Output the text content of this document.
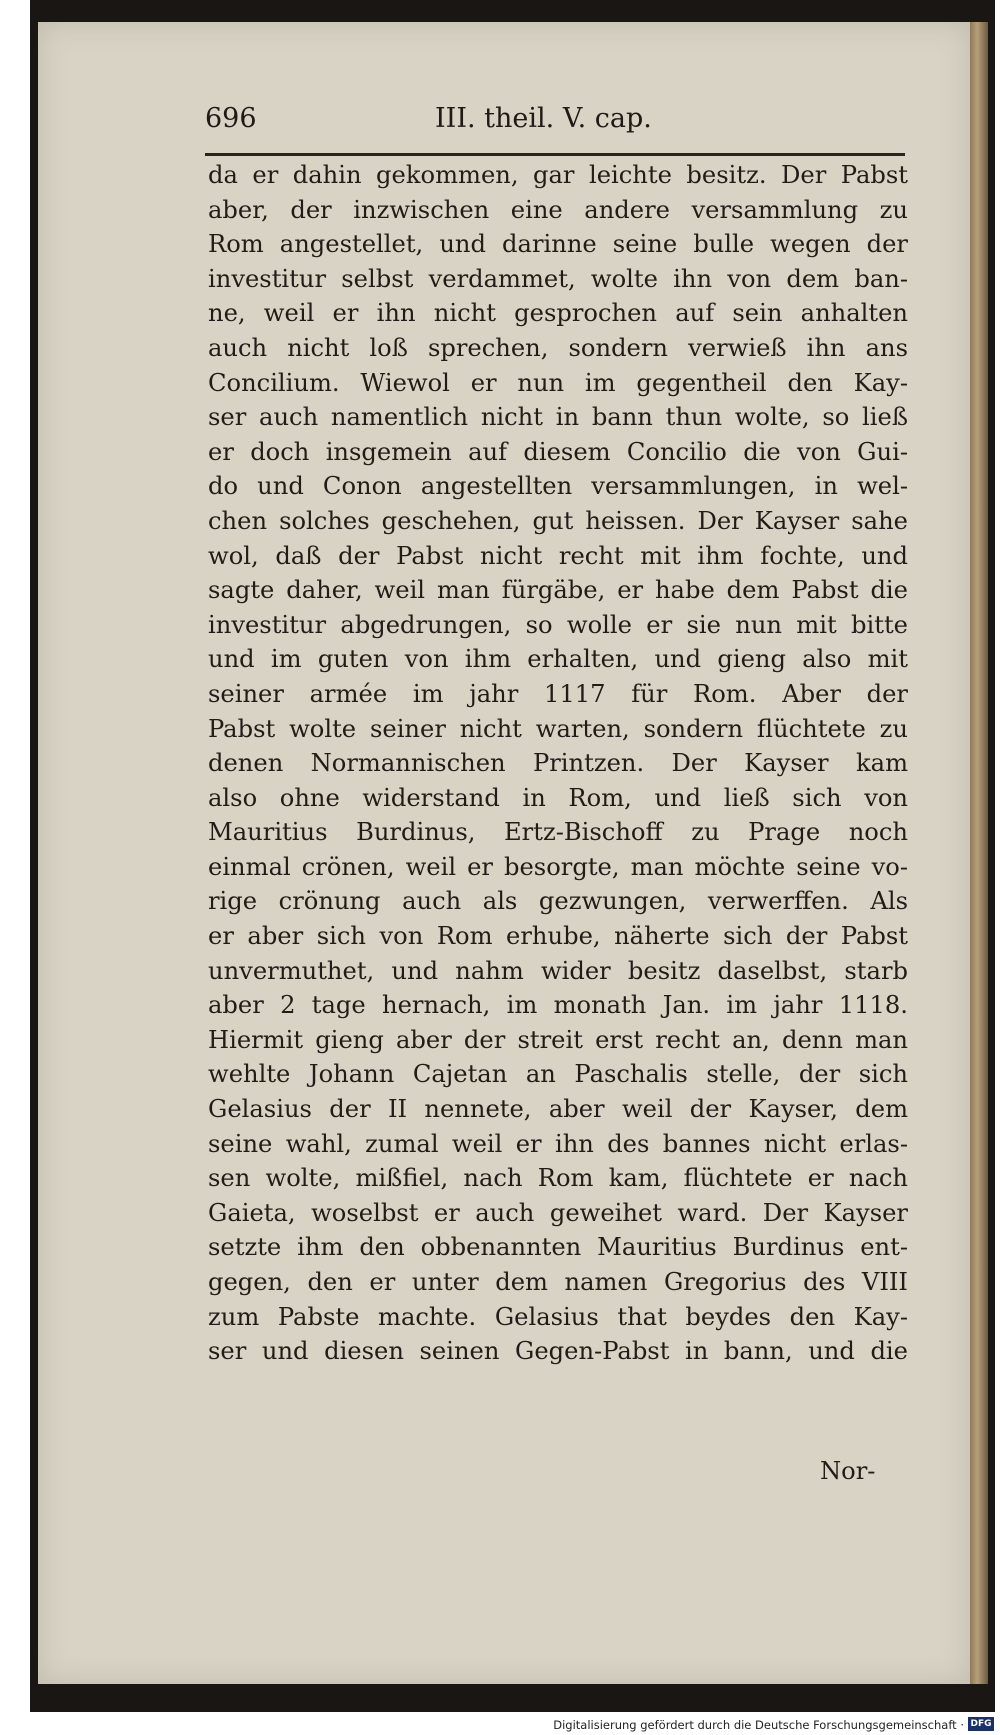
696	III. theil. V. cap.
da er dahin gekommen, gar leichte besitz. Der Pabst
aber, der inzwischen eine andere versammlung zu
Rom angestellet, und darinne seine bulle wegen der
investitur selbst verdammet, wolte ihn von dem ban-
ne, weil er ihn nicht gesprochen auf sein anhalten
auch nicht loß sprechen, sondern verwieß ihn ans
Concilium. Wiewol er nun im gegentheil den Kay-
ser auch namentlich nicht in bann thun wolte, so ließ
er doch insgemein auf diesem Concilio die von Gui-
do und Conon angestellten versammlungen, in wel-
chen solches geschehen, gut heissen. Der Kayser sahe
wol, daß der Pabst nicht recht mit ihm fochte, und
sagte daher, weil man fürgäbe, er habe dem Pabst die
investitur abgedrungen, so wolle er sie nun mit bitte
und im guten von ihm erhalten, und gieng also mit
seiner armée im jahr 1117 für Rom. Aber der
Pabst wolte seiner nicht warten, sondern flüchtete zu
denen Normannischen Printzen. Der Kayser kam
also ohne widerstand in Rom, und ließ sich von
Mauritius Burdinus, Ertz-Bischoff zu Prage noch
einmal crönen, weil er besorgte, man möchte seine vo-
rige crönung auch als gezwungen, verwerffen. Als
er aber sich von Rom erhube, näherte sich der Pabst
unvermuthet, und nahm wider besitz daselbst, starb
aber 2 tage hernach, im monath Jan. im jahr 1118.
Hiermit gieng aber der streit erst recht an, denn man
wehlte Johann Cajetan an Paschalis stelle, der sich
Gelasius der II nennete, aber weil der Kayser, dem
seine wahl, zumal weil er ihn des bannes nicht erlas-
sen wolte, mißfiel, nach Rom kam, flüchtete er nach
Gaieta, woselbst er auch geweihet ward. Der Kayser
setzte ihm den obbenannten Mauritius Burdinus ent-
gegen, den er unter dem namen Gregorius des VIII
zum Pabste machte. Gelasius that beydes den Kay-
ser und diesen seinen Gegen-Pabst in bann, und die
Nor-
Digitalisierung gefördert durch die Deutsche Forschungsgemeinschaft · DFG
